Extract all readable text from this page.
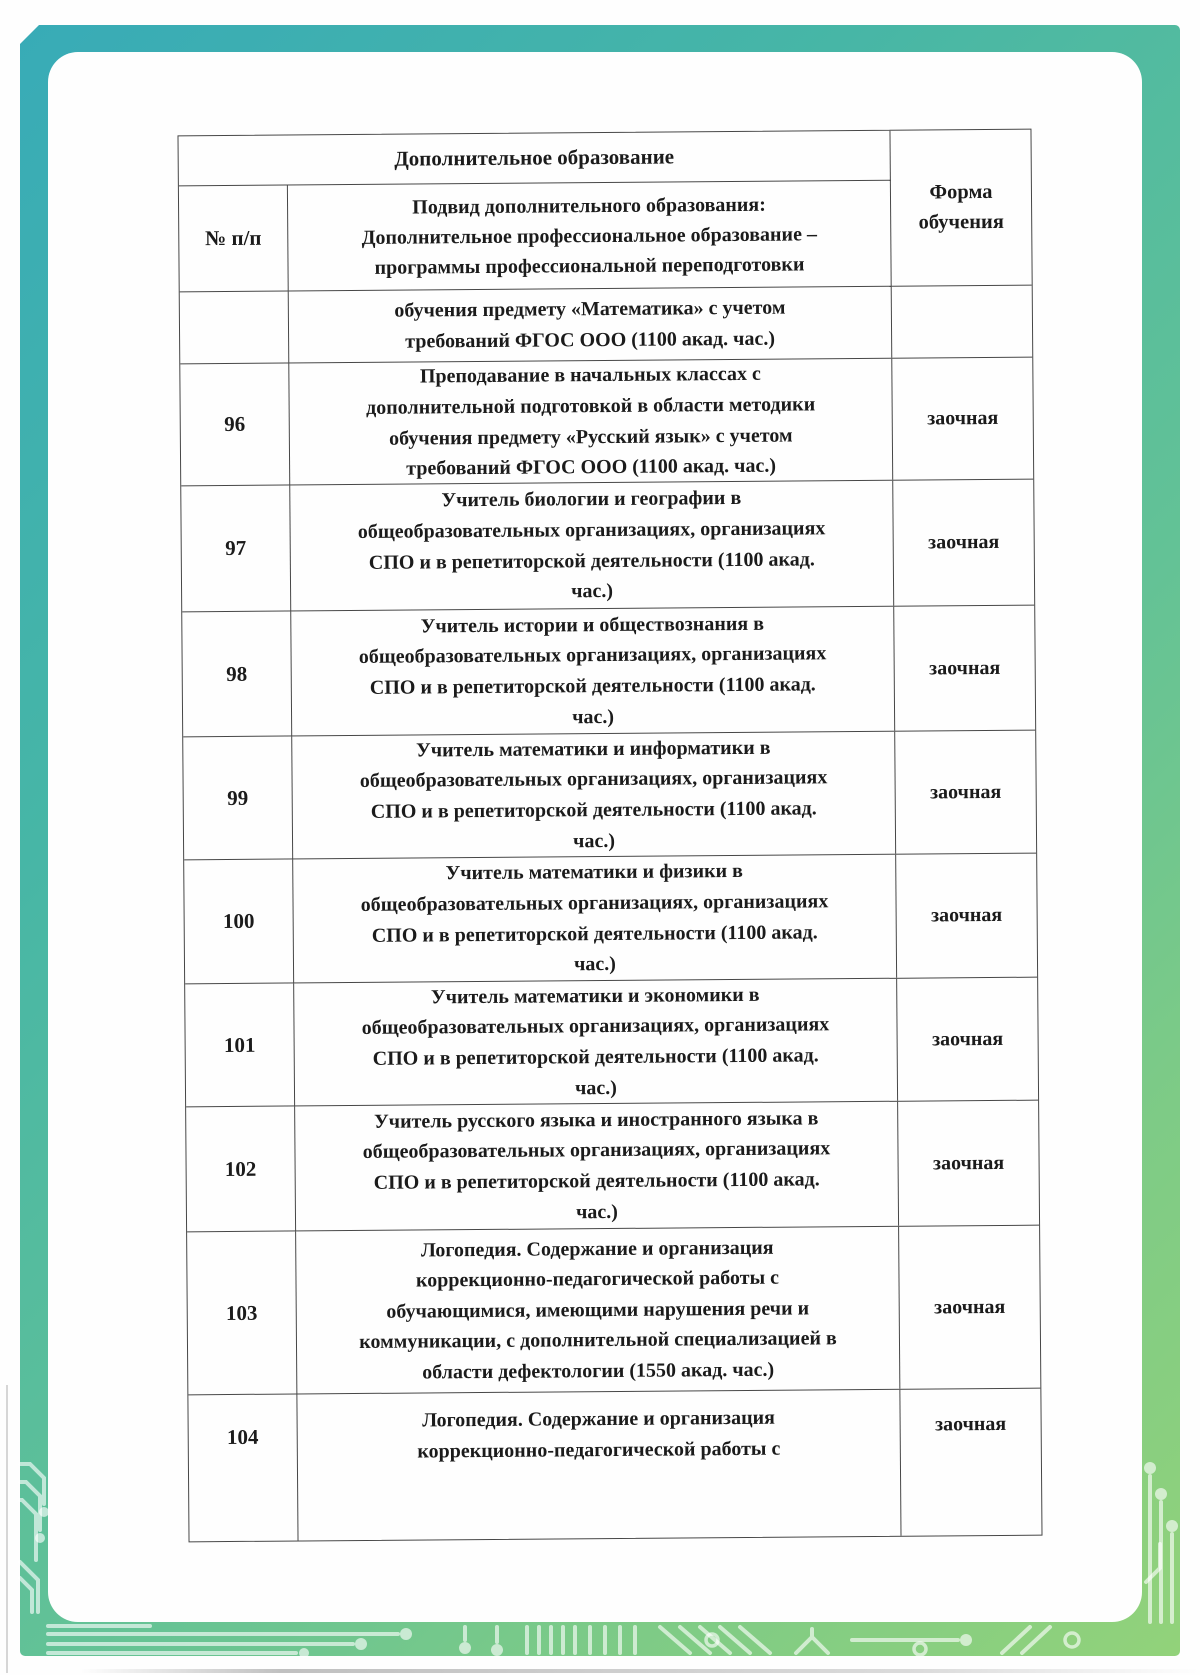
Дополнительное образование
№ п/п
Подвид дополнительного образования:
Дополнительное профессиональное образование –
программы профессиональной переподготовки
Форма
обучения
обучения предмету «Математика» с учетом
требований ФГОС ООО (1100 акад. час.)
96
Преподавание в начальных классах с
дополнительной подготовкой в области методики
обучения предмету «Русский язык» с учетом
требований ФГОС ООО (1100 акад. час.)
заочная
97
Учитель биологии и географии в
общеобразовательных организациях, организациях
СПО и в репетиторской деятельности (1100 акад.
час.)
заочная
98
Учитель истории и обществознания в
общеобразовательных организациях, организациях
СПО и в репетиторской деятельности (1100 акад.
час.)
заочная
99
Учитель математики и информатики в
общеобразовательных организациях, организациях
СПО и в репетиторской деятельности (1100 акад.
час.)
заочная
100
Учитель математики и физики в
общеобразовательных организациях, организациях
СПО и в репетиторской деятельности (1100 акад.
час.)
заочная
101
Учитель математики и экономики в
общеобразовательных организациях, организациях
СПО и в репетиторской деятельности (1100 акад.
час.)
заочная
102
Учитель русского языка и иностранного языка в
общеобразовательных организациях, организациях
СПО и в репетиторской деятельности (1100 акад.
час.)
заочная
103
Логопедия. Содержание и организация
коррекционно-педагогической работы с
обучающимися, имеющими нарушения речи и
коммуникации, с дополнительной специализацией в
области дефектологии (1550 акад. час.)
заочная
104
Логопедия. Содержание и организация
коррекционно-педагогической работы с
заочная
